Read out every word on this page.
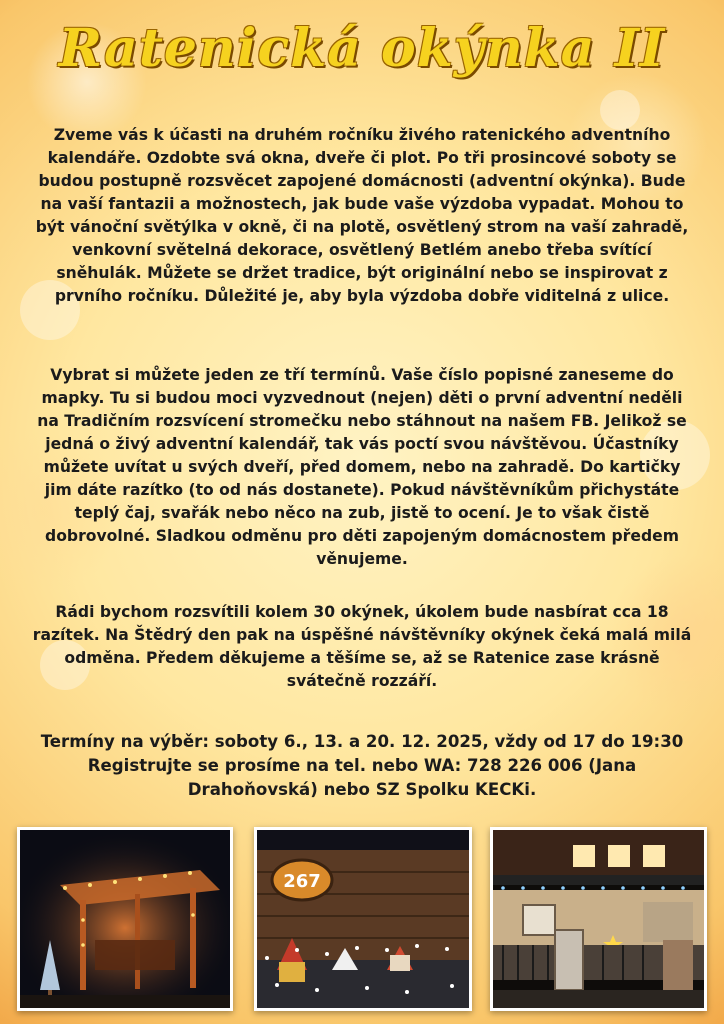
Ratenická okýnka II

Zveme vás k účasti na druhém ročníku živého ratenického adventního kalendáře. Ozdobte svá okna, dveře či plot. Po tři prosincové soboty se budou postupně rozsvěcet zapojené domácnosti (adventní okýnka). Bude na vaší fantazii a možnostech, jak bude vaše výzdoba vypadat. Mohou to být vánoční světýlka v okně, či na plotě, osvětlený strom na vaší zahradě, venkovní světelná dekorace, osvětlený Betlém anebo třeba svítící sněhulák. Můžete se držet tradice, být originální nebo se inspirovat z prvního ročníku. Důležité je, aby byla výzdoba dobře viditelná z ulice.

Vybrat si můžete jeden ze tří termínů. Vaše číslo popisné zaneseme do mapky. Tu si budou moci vyzvednout (nejen) děti o první adventní neděli na Tradičním rozsvícení stromečku nebo stáhnout na našem FB. Jelikož se jedná o živý adventní kalendář, tak vás poctí svou návštěvou. Účastníky můžete uvítat u svých dveří, před domem, nebo na zahradě. Do kartičky jim dáte razítko (to od nás dostanete). Pokud návštěvníkům přichystáte teplý čaj, svařák nebo něco na zub, jistě to ocení. Je to však čistě dobrovolné. Sladkou odměnu pro děti zapojeným domácnostem předem věnujeme.

Rádi bychom rozsvítili kolem 30 okýnek, úkolem bude nasbírat cca 18 razítek. Na Štědrý den pak na úspěšné návštěvníky okýnek čeká malá milá odměna. Předem děkujeme a těšíme se, až se Ratenice zase krásně svátečně rozzáří.

Termíny na výběr: soboty 6., 13. a 20. 12. 2025, vždy od 17 do 19:30 Registrujte se prosíme na tel. nebo WA: 728 226 006 (Jana Drahoňovská) nebo SZ Spolku KECKi.

267
